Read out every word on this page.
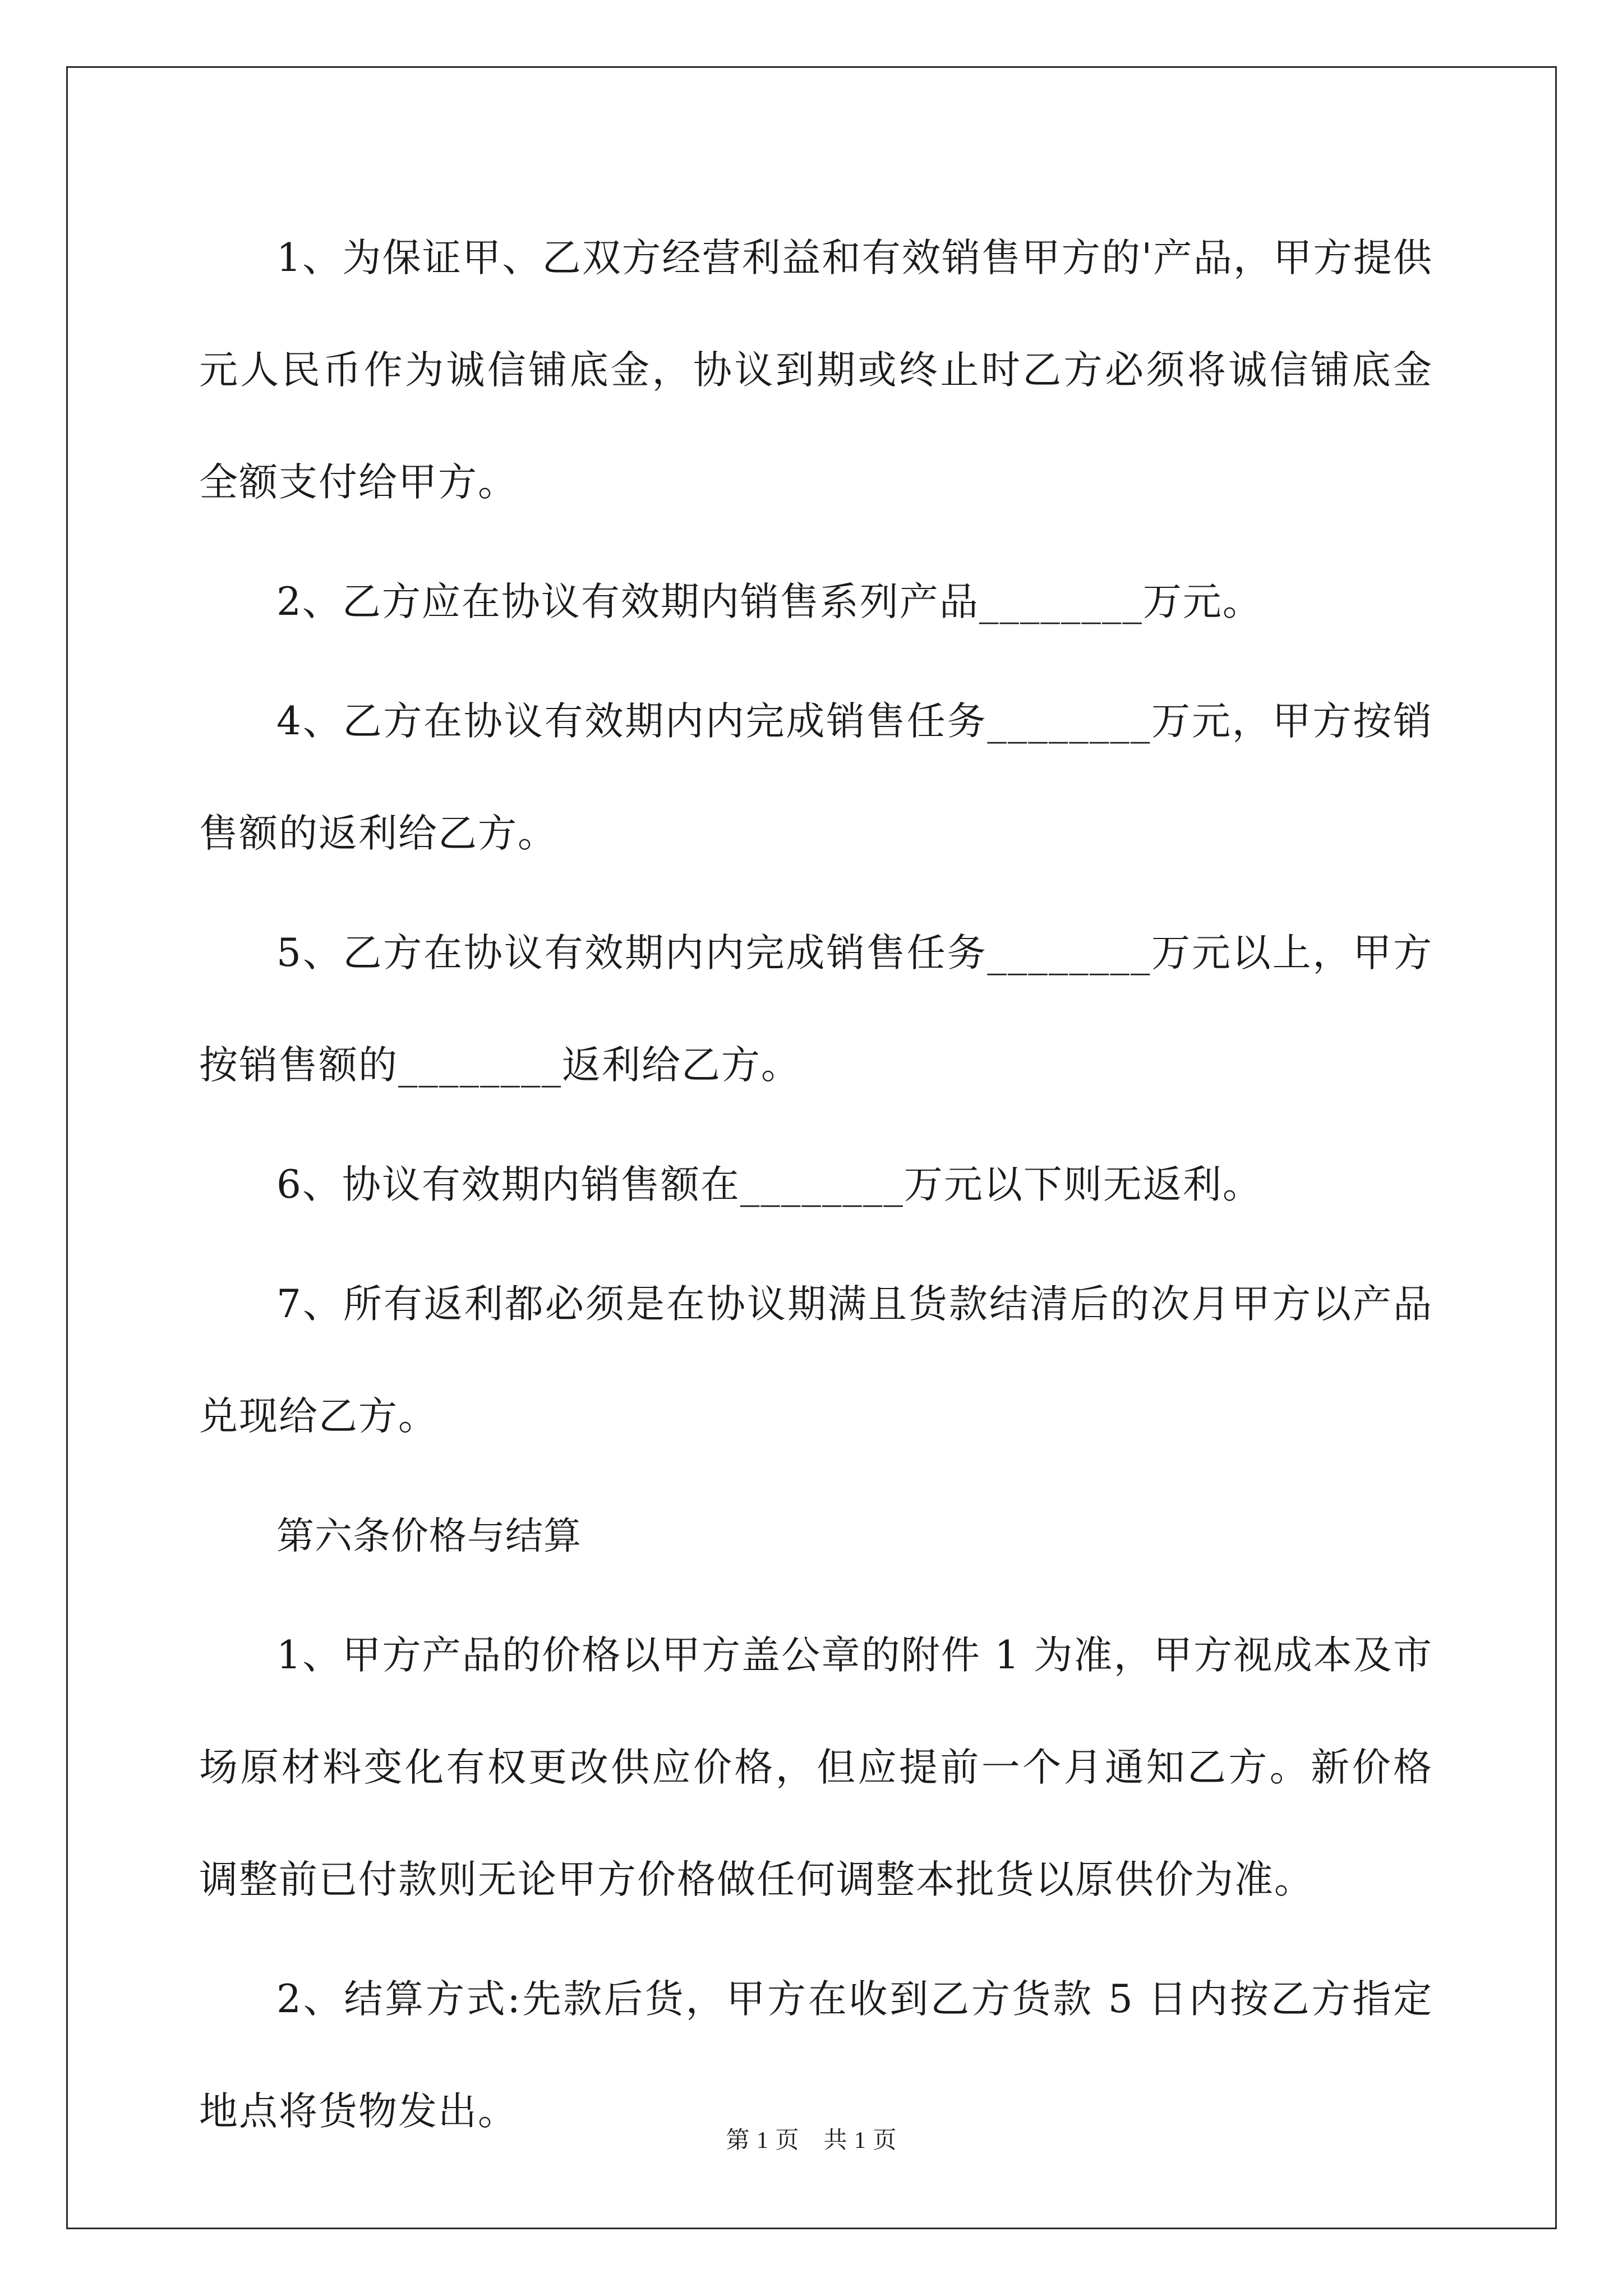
1、为保证甲、乙双方经营利益和有效销售甲方的'产品，甲方提供元人民币作为诚信铺底金，协议到期或终止时乙方必须将诚信铺底金全额支付给甲方。

2、乙方应在协议有效期内销售系列产品________万元。

4、乙方在协议有效期内内完成销售任务________万元，甲方按销售额的返利给乙方。

5、乙方在协议有效期内内完成销售任务________万元以上，甲方按销售额的________返利给乙方。

6、协议有效期内销售额在________万元以下则无返利。

7、所有返利都必须是在协议期满且货款结清后的次月甲方以产品兑现给乙方。

第六条价格与结算

1、甲方产品的价格以甲方盖公章的附件 1 为准，甲方视成本及市场原材料变化有权更改供应价格，但应提前一个月通知乙方。新价格调整前已付款则无论甲方价格做任何调整本批货以原供价为准。

2、结算方式:先款后货，甲方在收到乙方货款 5 日内按乙方指定地点将货物发出。

第 1 页　共 1 页
